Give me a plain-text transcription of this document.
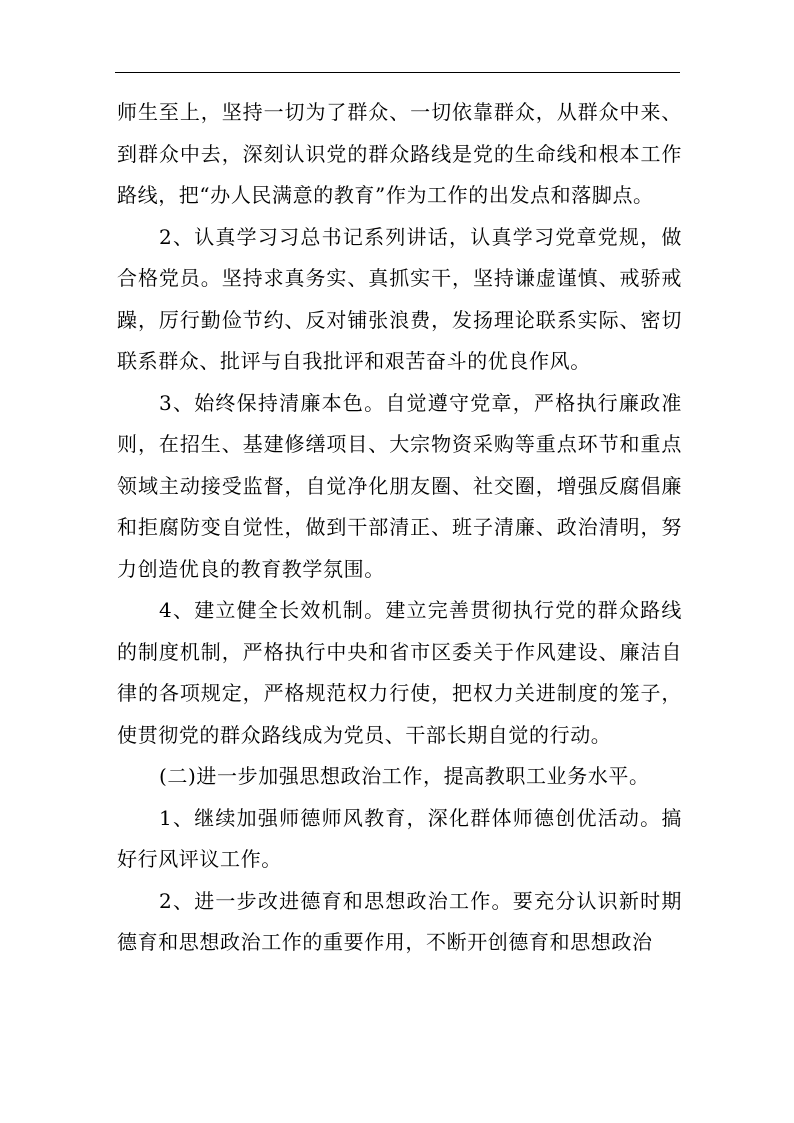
师生至上，坚持一切为了群众、一切依靠群众，从群众中来、到群众中去，深刻认识党的群众路线是党的生命线和根本工作路线，把“办人民满意的教育”作为工作的出发点和落脚点。

2、认真学习习总书记系列讲话，认真学习党章党规，做合格党员。坚持求真务实、真抓实干，坚持谦虚谨慎、戒骄戒躁，厉行勤俭节约、反对铺张浪费，发扬理论联系实际、密切联系群众、批评与自我批评和艰苦奋斗的优良作风。

3、始终保持清廉本色。自觉遵守党章，严格执行廉政准则，在招生、基建修缮项目、大宗物资采购等重点环节和重点领域主动接受监督，自觉净化朋友圈、社交圈，增强反腐倡廉和拒腐防变自觉性，做到干部清正、班子清廉、政治清明，努力创造优良的教育教学氛围。

4、建立健全长效机制。建立完善贯彻执行党的群众路线的制度机制，严格执行中央和省市区委关于作风建设、廉洁自律的各项规定，严格规范权力行使，把权力关进制度的笼子，使贯彻党的群众路线成为党员、干部长期自觉的行动。

(二)进一步加强思想政治工作，提高教职工业务水平。

1、继续加强师德师风教育，深化群体师德创优活动。搞好行风评议工作。

2、进一步改进德育和思想政治工作。要充分认识新时期德育和思想政治工作的重要作用，不断开创德育和思想政治
